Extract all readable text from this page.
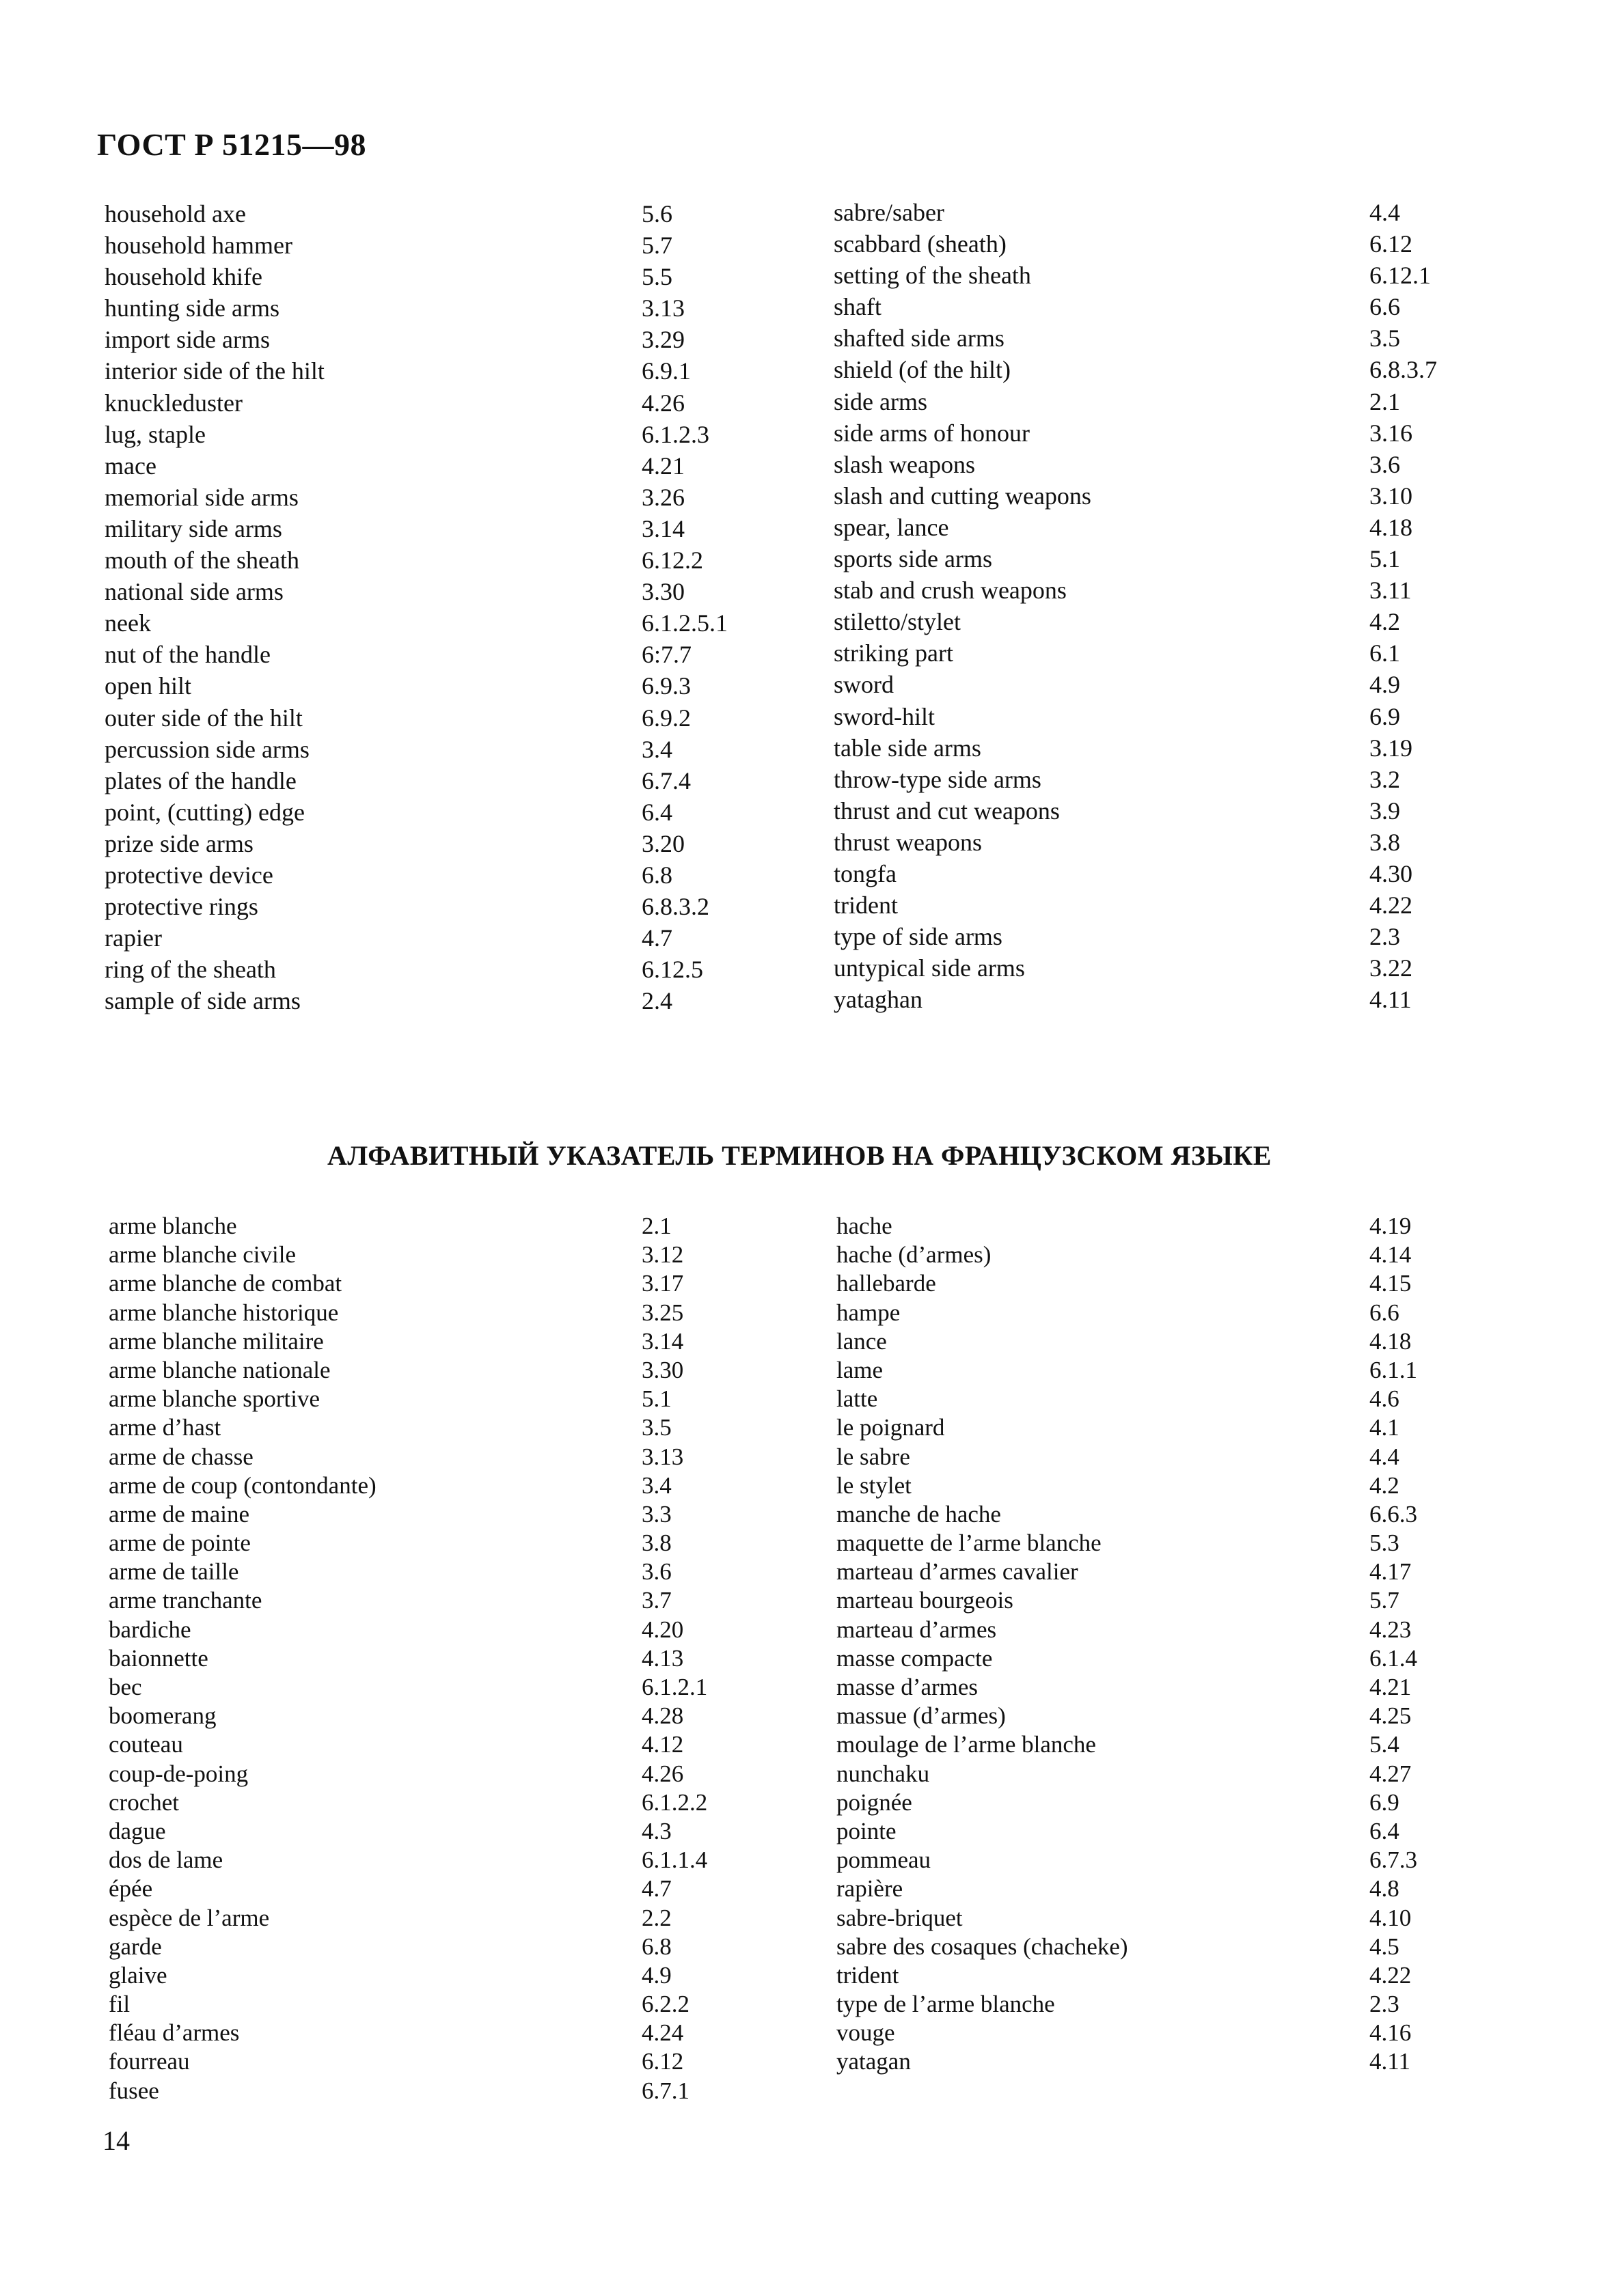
ГОСТ Р 51215—98
household axe	5.6
household hammer	5.7
household khife	5.5
hunting side arms	3.13
import side arms	3.29
interior side of the hilt	6.9.1
knuckleduster	4.26
lug, staple	6.1.2.3
mace	4.21
memorial side arms	3.26
military side arms	3.14
mouth of the sheath	6.12.2
national side arms	3.30
neek	6.1.2.5.1
nut of the handle	6:7.7
open hilt	6.9.3
outer side of the hilt	6.9.2
percussion side arms	3.4
plates of the handle	6.7.4
point, (cutting) edge	6.4
prize side arms	3.20
protective device	6.8
protective rings	6.8.3.2
rapier	4.7
ring of the sheath	6.12.5
sample of side arms	2.4
sabre/saber	4.4
scabbard (sheath)	6.12
setting of the sheath	6.12.1
shaft	6.6
shafted side arms	3.5
shield (of the hilt)	6.8.3.7
side arms	2.1
side arms of honour	3.16
slash weapons	3.6
slash and cutting weapons	3.10
spear, lance	4.18
sports side arms	5.1
stab and crush weapons	3.11
stiletto/stylet	4.2
striking part	6.1
sword	4.9
sword-hilt	6.9
table side arms	3.19
throw-type side arms	3.2
thrust and cut weapons	3.9
thrust weapons	3.8
tongfa	4.30
trident	4.22
type of side arms	2.3
untypical side arms	3.22
yataghan	4.11
АЛФАВИТНЫЙ УКАЗАТЕЛЬ ТЕРМИНОВ НА ФРАНЦУЗСКОМ ЯЗЫКЕ
arme blanche	2.1
arme blanche civile	3.12
arme blanche de combat	3.17
arme blanche historique	3.25
arme blanche militaire	3.14
arme blanche nationale	3.30
arme blanche sportive	5.1
arme d’hast	3.5
arme de chasse	3.13
arme de coup (contondante)	3.4
arme de maine	3.3
arme de pointe	3.8
arme de taille	3.6
arme tranchante	3.7
bardiche	4.20
baionnette	4.13
bec	6.1.2.1
boomerang	4.28
couteau	4.12
coup-de-poing	4.26
crochet	6.1.2.2
dague	4.3
dos de lame	6.1.1.4
épée	4.7
espèce de l’arme	2.2
garde	6.8
glaive	4.9
fil	6.2.2
fléau d’armes	4.24
fourreau	6.12
fusee	6.7.1
hache	4.19
hache (d’armes)	4.14
hallebarde	4.15
hampe	6.6
lance	4.18
lame	6.1.1
latte	4.6
le poignard	4.1
le sabre	4.4
le stylet	4.2
manche de hache	6.6.3
maquette de l’arme blanche	5.3
marteau d’armes cavalier	4.17
marteau bourgeois	5.7
marteau d’armes	4.23
masse compacte	6.1.4
masse d’armes	4.21
massue (d’armes)	4.25
moulage de l’arme blanche	5.4
nunchaku	4.27
poignée	6.9
pointe	6.4
pommeau	6.7.3
rapière	4.8
sabre-briquet	4.10
sabre des cosaques (chacheke)	4.5
trident	4.22
type de l’arme blanche	2.3
vouge	4.16
yatagan	4.11
14
